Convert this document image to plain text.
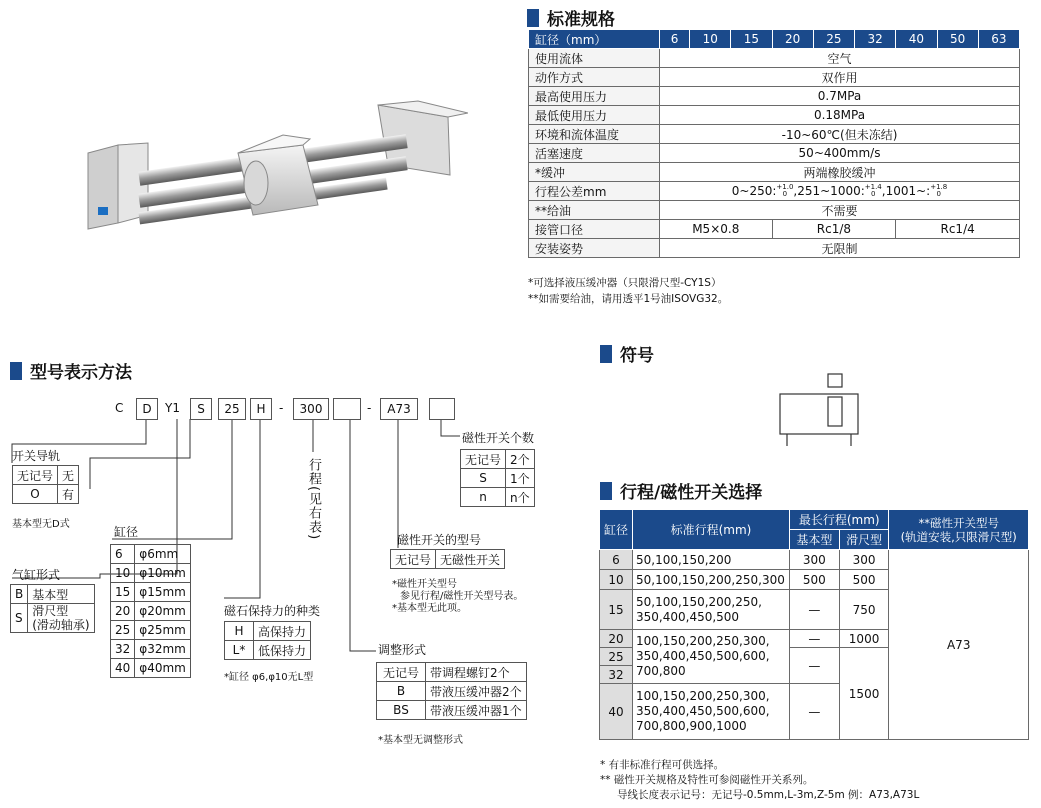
标准规格
缸径（mm）	6	10	15	20	25	32	40	50	63
使用流体	空气								
动作方式	双作用								
最高使用压力	0.7MPa								
最低使用压力	0.18MPa								
环境和流体温度	-10~60℃(但未冻结)								
活塞速度	50~400mm/s								
*缓冲	两端橡胶缓冲								
行程公差mm	0~250:$^{+1.0 0}$ ,251~1000:$^{+1.4 0}$ ,1001~:$^{+1.8 0}$
**给油	不需要								
接管口径	M5×0.8			Rc1/8			Rc1/4		
安装姿势	无限制								
*可选择液压缓冲器（只限滑尺型-CY1S）
**如需要给油，请用透平1号油ISOVG32。
型号表示方法
C	D	Y1	S	25	H	-	300	-	A73
开关导轨
无记号	无
O	有
基本型无D式
气缸形式
B	基本型
S	滑尺型
(滑动轴承)
缸径
6	φ6mm
10	φ10mm
15	φ15mm
20	φ20mm
25	φ25mm
32	φ32mm
40	φ40mm
磁石保持力的种类
H	高保持力
L*	低保持力
*缸径 φ6,φ10无L型
行程(见右表)	磁性开关的型号
无记号	无磁性开关
*磁性开关型号
参见行程/磁性开关型号表。
*基本型无此项。
磁性开关个数
无记号	2个
S	1个
n	n个
调整形式
无记号	带调程螺钉2个
B	带液压缓冲器2个
BS	带液压缓冲器1个
*基本型无调整形式
符号
行程/磁性开关选择
缸径	标准行程(mm)	最长行程(mm)		**磁性开关型号
(轨道安装,只限滑尺型)
		基本型	滑尺型	
6	50,100,150,200	300	300	A73
10	50,100,150,200,250,300	500	500	
15	50,100,150,200,250,
350,400,450,500	—	750	
20	100,150,200,250,300,
350,400,450,500,600,
700,800	—	1000	
25		—	1500	
32				
40	100,150,200,250,300,
350,400,450,500,600,
700,800,900,1000	—		
* 有非标准行程可供选择。
** 磁性开关规格及特性可参阅磁性开关系列。
导线长度表示记号：无记号-0.5mm,L-3m,Z-5m 例：A73,A73L
